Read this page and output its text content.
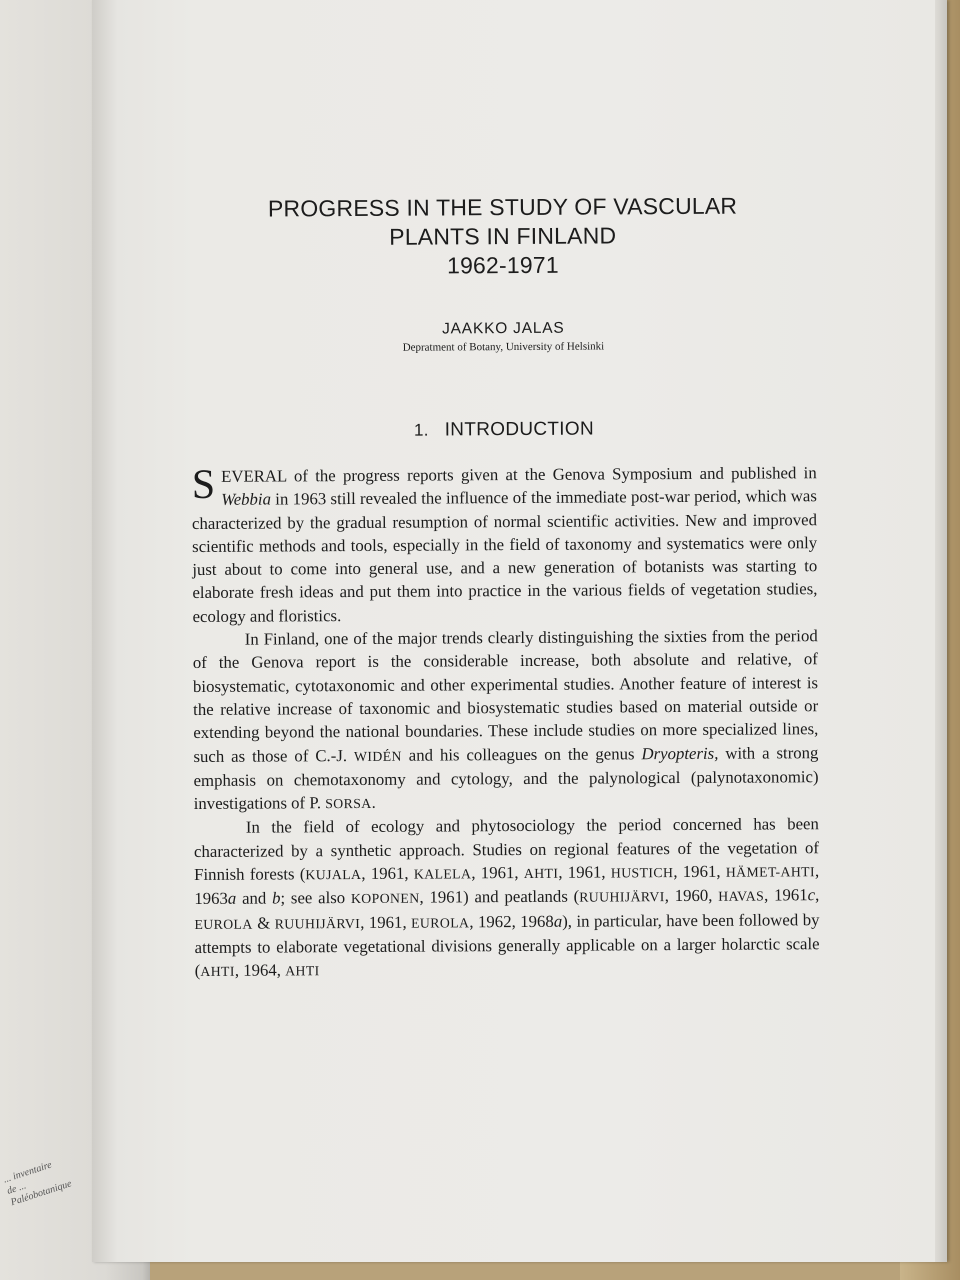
... inventaire de ... Paléobotanique
PROGRESS IN THE STUDY OF VASCULAR
PLANTS IN FINLAND
1962-1971
JAAKKO JALAS
Depratment of Botany, University of Helsinki
1. INTRODUCTION

SEVERAL of the progress reports given at the Genova Symposium and published in Webbia in 1963 still revealed the influence of the immediate post-war period, which was characterized by the gradual resumption of normal scientific activities. New and improved scientific methods and tools, especially in the field of taxonomy and systematics were only just about to come into general use, and a new generation of botanists was starting to elaborate fresh ideas and put them into practice in the various fields of vegetation studies, ecology and floristics.

In Finland, one of the major trends clearly distinguishing the sixties from the period of the Genova report is the considerable increase, both absolute and relative, of biosystematic, cytotaxonomic and other experimental studies. Another feature of interest is the relative increase of taxonomic and biosystematic studies based on material outside or extending beyond the national boundaries. These include studies on more specialized lines, such as those of C.-J. WIDÉN and his colleagues on the genus Dryopteris, with a strong emphasis on chemotaxonomy and cytology, and the palynological (palynotaxonomic) investigations of P. SORSA.

In the field of ecology and phytosociology the period concerned has been characterized by a synthetic approach. Studies on regional features of the vegetation of Finnish forests (KUJALA, 1961, KALELA, 1961, AHTI, 1961, HUSTICH, 1961, HÄMET-AHTI, 1963a and b; see also KOPONEN, 1961) and peatlands (RUUHIJÄRVI, 1960, HAVAS, 1961c, EUROLA & RUUHIJÄRVI, 1961, EUROLA, 1962, 1968a), in particular, have been followed by attempts to elaborate vegetational divisions generally applicable on a larger holarctic scale (AHTI, 1964, AHTI
